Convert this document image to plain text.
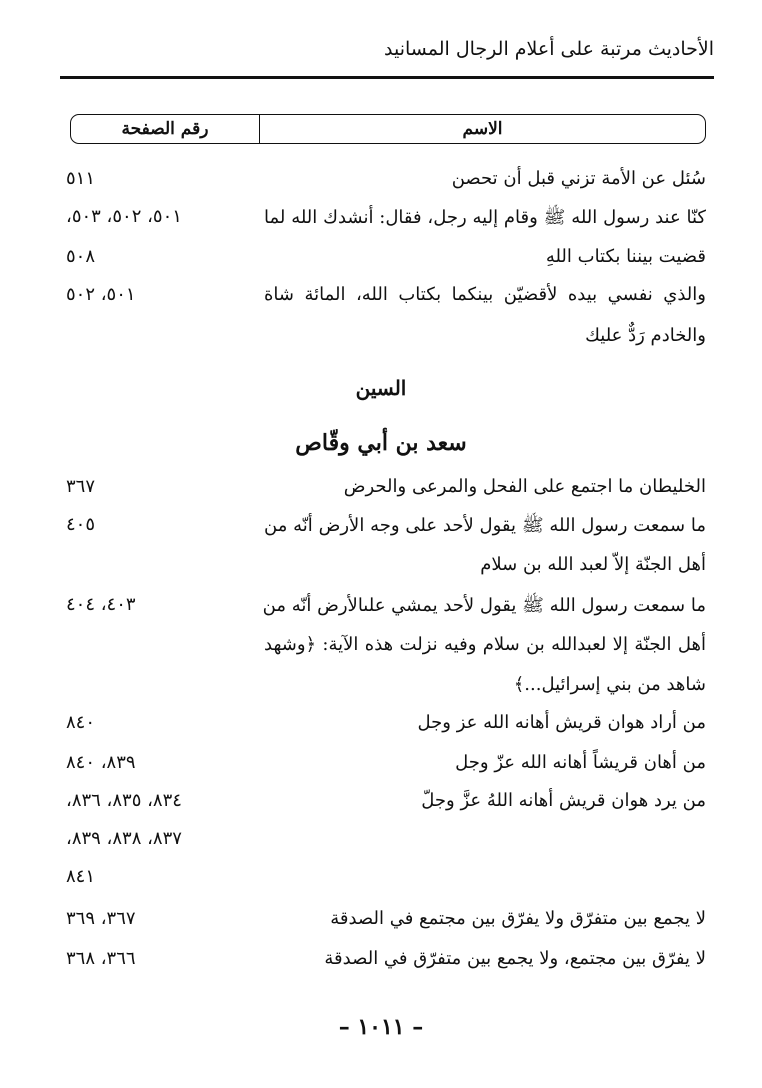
الأحاديث مرتبة على أعلام الرجال المسانيد
الاسم
رقم الصفحة
سُئل عن الأمة تزني قبل أن تحصن
٥١١
كنّا عند رسول الله ﷺ وقام إليه رجل، فقال: أنشدك الله لما
٥٠١، ٥٠٢، ٥٠٣،
قضيت بيننا بكتاب اللهِ
٥٠٨
والذي نفسي بيده لأقضيّن بينكما بكتاب الله، المائة شاة
٥٠١، ٥٠٢
والخادم رَدٌّ عليك
السين
سعد بن أبي وقّاص
الخليطان ما اجتمع على الفحل والمرعى والحرض
٣٦٧
ما سمعت رسول الله ﷺ يقول لأحد على وجه الأرض أنّه من
٤٠٥
أهل الجنّة إلاّ لعبد الله بن سلام
ما سمعت رسول الله ﷺ يقول لأحد يمشي علىالأرض أنّه من
٤٠٣، ٤٠٤
أهل الجنّة إلا لعبدالله بن سلام وفيه نزلت هذه الآية: ﴿وشهد
شاهد من بني إسرائيل...﴾
من أراد هوان قريش أهانه الله عز وجل
٨٤٠
من أهان قريشاً أهانه الله عزّ وجل
٨٣٩، ٨٤٠
من يرد هوان قريش أهانه اللهُ عزَّ وجلّ
٨٣٤، ٨٣٥، ٨٣٦،
٨٣٧، ٨٣٨، ٨٣٩،
٨٤١
لا يجمع بين متفرّق ولا يفرّق بين مجتمع في الصدقة
٣٦٧، ٣٦٩
لا يفرّق بين مجتمع، ولا يجمع بين متفرّق في الصدقة
٣٦٦، ٣٦٨
– ١٠١١ –
